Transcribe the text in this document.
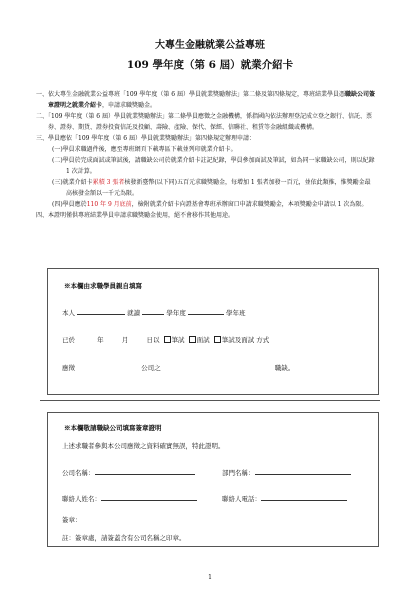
大專生金融就業公益專班
109 學年度（第 6 屆）就業介紹卡

一、依大專生金融就業公益專班「109 學年度（第 6 屆）學員就業獎勵辦法」第二條及第四條規定，專班結業學員憑職缺公司簽章證明之就業介紹卡，申請求職獎勵金。

二、「109 學年度（第 6 屆）學員就業獎勵辦法」第二條學員應徵之金融機構，係指國內依法辦理登記成立登之銀行、信託、票券、證券、期貨、證券投資信託及投顧、壽險、產險、保代、保經、信聯社、租賃等金融組織或機構。

三、學員應依「109 學年度（第 6 屆）學員就業獎勵辦法」第四條規定辦理申請：

(一)學員求職過件後，應至專班網頁下載專區下載並列印就業介紹卡。

(二)學員於完成面試或筆試後，請職缺公司於就業介紹卡註記紀錄，學員參加面試及筆試，如為同一家職缺公司，則以紀錄 1 次計算。

(三)就業介紹卡累積 3 張者核發新臺幣(以下同)五百元求職獎勵金，每增加 1 張者加發一百元，並依此類推，惟獎勵金最高核發金額以一千元為限。

(四)學員應於110 年 9 月底前，檢附就業介紹卡向證基會專班承辦窗口申請求職獎勵金，本項獎勵金申請以 1 次為限。

四、本證明僅供專班結業學員申請求職獎勵金使用，絕不會移作其他用途。

※本欄由求職學員親自填寫
本人	就讀	學年度	學年班
已於	年	月	日以 筆試 面試 筆試及面試 方式
應徵	公司之	職缺。
※本欄敬請職缺公司填寫簽章證明
上述求職者參與本公司應徵之資料確實無誤，特此證明。
公司名稱：	部門名稱：
聯絡人姓名：	聯絡人電話：
簽章：
註：簽章處，請簽蓋含有公司名稱之印章。
1
